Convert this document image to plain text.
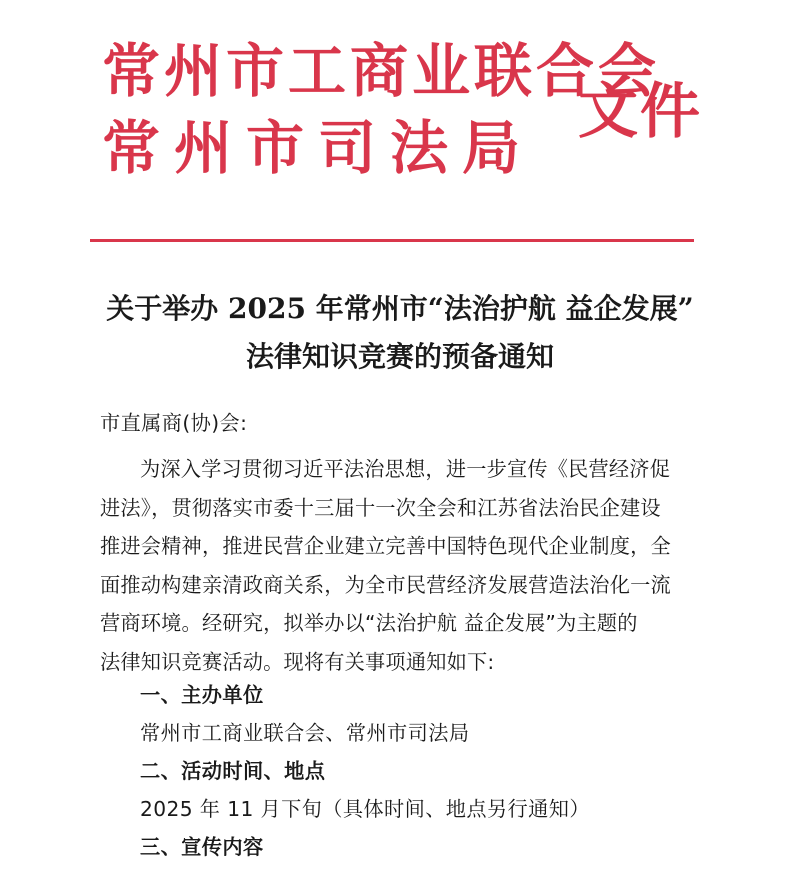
常州市工商业联合会
常州市司法局
文件
关于举办 2025 年常州市“法治护航 益企发展”
法律知识竞赛的预备通知
市直属商(协)会:
为深入学习贯彻习近平法治思想，进一步宣传《民营经济促
进法》，贯彻落实市委十三届十一次全会和江苏省法治民企建设
推进会精神，推进民营企业建立完善中国特色现代企业制度，全
面推动构建亲清政商关系，为全市民营经济发展营造法治化一流
营商环境。经研究，拟举办以“法治护航 益企发展”为主题的
法律知识竞赛活动。现将有关事项通知如下:
一、主办单位
常州市工商业联合会、常州市司法局
二、活动时间、地点
2025 年 11 月下旬（具体时间、地点另行通知）
三、宣传内容
